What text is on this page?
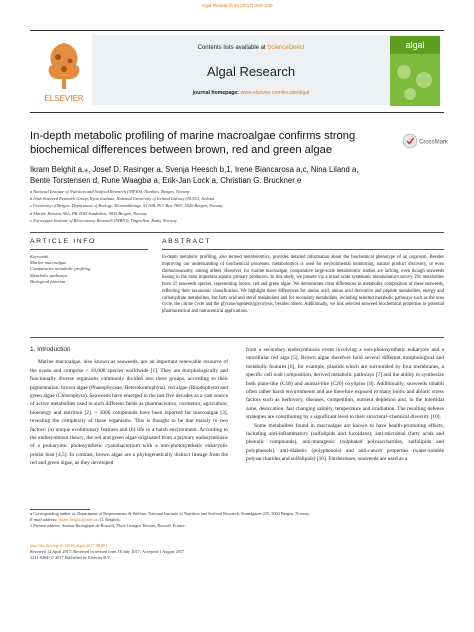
Algal Research 26 (2017) 240–249
ELSEVIER
Contents lists available at ScienceDirect
Algal Research
journal homepage: www.elsevier.com/locate/algal
algal
In-depth metabolic profiling of marine macroalgae confirms strong
biochemical differences between brown, red and green algae
CrossMark
Ikram Belghit a,⁎, Josef D. Rasinger a, Svenja Heesch b,1, Irene Biancarosa a,c, Nina Liland a,
Bente Torstensen d, Rune Waagbø a, Erik-Jan Lock a, Christian G. Bruckner e
a National Institute of Nutrition and Seafood Research (NIFES), Nordnes, Bergen, Norway
b Irish Seaweed Research Group, Ryan Institute, National University of Ireland Galway (NUIG), Ireland
c University of Bergen, Department of Biology, ThormøhIensgt. 53 A/B, P.O. Box 7803, 5020 Bergen, Norway
d Marine Harvest ASA, PB 4102 Sandviken, 5835 Bergen, Norway
e Norwegian Institute of Bioeconomy Research (NIBIO), Tingvollvn. Bodø, Norway
ARTICLE INFO	ABSTRACT
Keywords:
Marine macroalgae
Comparative metabolic profiling
Metabolic pathways
Biological function
In-depth metabolic profiling, also termed metabolomics, provides detailed information about the biochemical phenotype of an organism. Besides improving our understanding of biochemical processes, metabolomics is used for environmental monitoring, natural product discovery, or even chemotaxonomy, among others. However, for marine macroalgae, comparative large-scale metabolomic studies are lacking, even though seaweeds belong to the most important aquatic primary producers. In this study, we present via a broad scale systematic metabolomics survey 391 metabolites from 21 seaweeds species, representing brown, red and green algae. We demonstrate clear differences in metabolite composition of these seaweeds, reflecting their taxonomic classification. We highlight these differences for amino acid, amino acid derivative and peptide metabolites, energy and carbohydrate metabolites, but fatty acid and sterol metabolites and for secondary metabolites, including selected metabolic pathways such as the urea cycle, the citrate cycle and the glycone/ogenesis/glycolysis, besides others. Additionally, we link selected seaweed biochemical properties to potential pharmaceutical and nutraceutical applications.
1. Introduction

Marine macroalgae, also known as seaweeds, are an important renewable resource of the ocean and comprise > 10,000 species worldwide [1]. They are morphologically and functionally diverse organisms commonly divided into three groups, according to their pigmentation: brown algae (Phaeophyceae, Heterokontophyta), red algae (Rhodophyta) and green algae (Chlorophyta). Seaweeds have emerged in the last five decades as a vast source of active metabolites used in such different fields as pharmaceutics, cosmetics, agriculture, bioenergy and nutrition [2]. > 3000 compounds have been reported for macroalgae [3], revealing the complexity of these organisms. This is thought to be due mainly to two factors: (a) unique evolutionary features and (b) life in a harsh environment. According to the endosymbiont theory, the red and green algae originated from a primary endosymbiosis of a prokaryotic photosynthetic cyanobacterium with a non-photosynthetic eukaryotic protist host [4,5]. In contrast, brown algae are a phylogenetically distinct lineage from the red and green algae, as they developed

from a secondary endosymbiosis event involving a non-photosynthetic eukaryote and a unicellular red alga [5]. Brown algae therefore hold several different morphological and metabolic features [6], for example, plastids which are surrounded by four membranes, a specific cell wall composition, derived metabolic pathways [7] and the ability to synthesize both plant-like (C18) and animal-like (C20) oxylipins [8]. Additionally, seaweeds inhabit often rather harsh environments and are therefore exposed to many biotic and abiotic stress factors such as herbivory, diseases, competition, nutrient depletion and, in the intertidal zone, desiccation, fast changing salinity, temperature and irradiation. The resulting defense strategies are contributing by a significant level to their structural–chemical diversity [10].

Some metabolites found in macroalgae are known to have health-promoting effects, including anti-inflammatory (sulfolipids and fucoidans), anti-microbial (fatty acids and phenolic compounds), anti-mutagenic (sulphated polysaccharides, sulfolipids and polyphenols), anti-diabetic (polyphenols) and anti-cancer properties (water-soluble polysaccharides and sulfolipids) [10]. Furthermore, seaweeds are used as a

⁎ Corresponding author at: Department of Requirements & Welfare, National Institute of Nutrition and Seafood Research, Strandgaten 229, 5004 Bergen, Norway.
E-mail address: ikram.belghit@nifes.no (I. Belghit).
1 Present address: Station Biologique de Roscoff, Place Georges Teissier, Roscoff, France.
http://dx.doi.org/10.1016/j.algal.2017.08.001
Received 12 April 2017; Received in revised form 18 July 2017; Accepted 1 August 2017
2211-9264/ © 2017 Published by Elsevier B.V.
